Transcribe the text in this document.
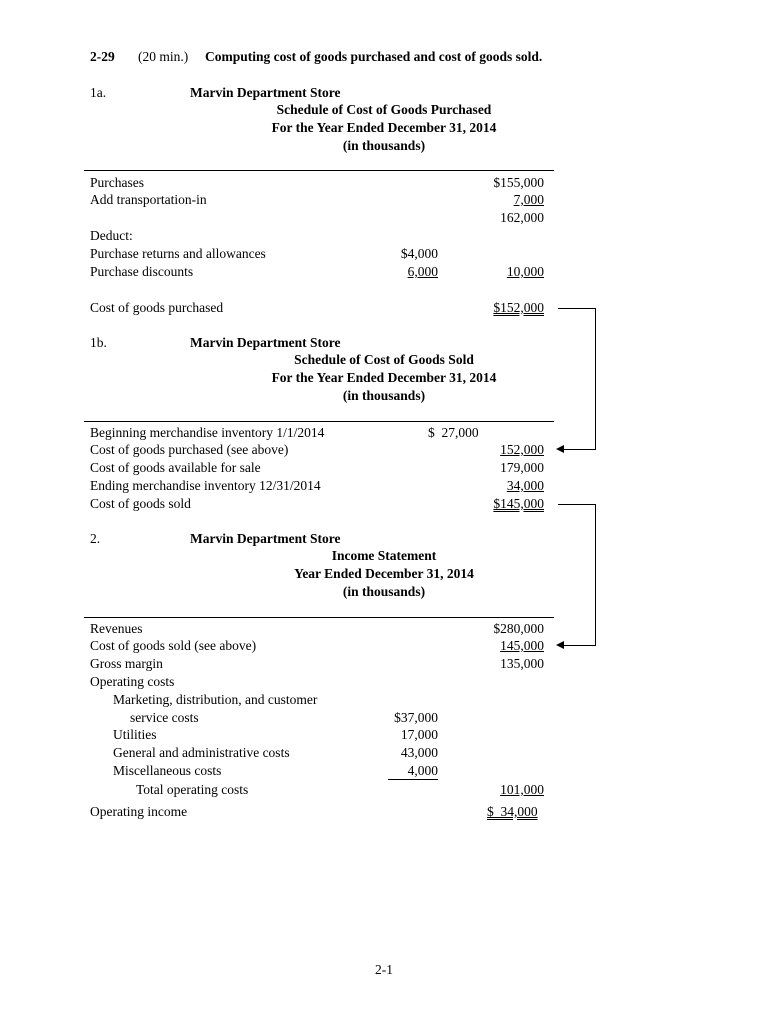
2-29 (20 min.) Computing cost of goods purchased and cost of goods sold.
1a.	Marvin Department Store
Schedule of Cost of Goods Purchased
For the Year Ended December 31, 2014
(in thousands)
Purchases	$155,000
Add transportation-in	7,000
162,000
Deduct:
Purchase returns and allowances	$4,000
Purchase discounts	6,000	10,000
Cost of goods purchased	$152,000
1b.	Marvin Department Store
Schedule of Cost of Goods Sold
For the Year Ended December 31, 2014
(in thousands)
Beginning merchandise inventory 1/1/2014	$  27,000
Cost of goods purchased (see above)	152,000
Cost of goods available for sale	179,000
Ending merchandise inventory 12/31/2014	34,000
Cost of goods sold	$145,000
2.	Marvin Department Store
Income Statement
Year Ended December 31, 2014
(in thousands)
Revenues	$280,000
Cost of goods sold (see above)	145,000
Gross margin	135,000
Operating costs
Marketing, distribution, and customer
service costs	$37,000
Utilities	17,000
General and administrative costs	43,000
Miscellaneous costs	4,000
Total operating costs	101,000
Operating income	$  34,000
2-1
